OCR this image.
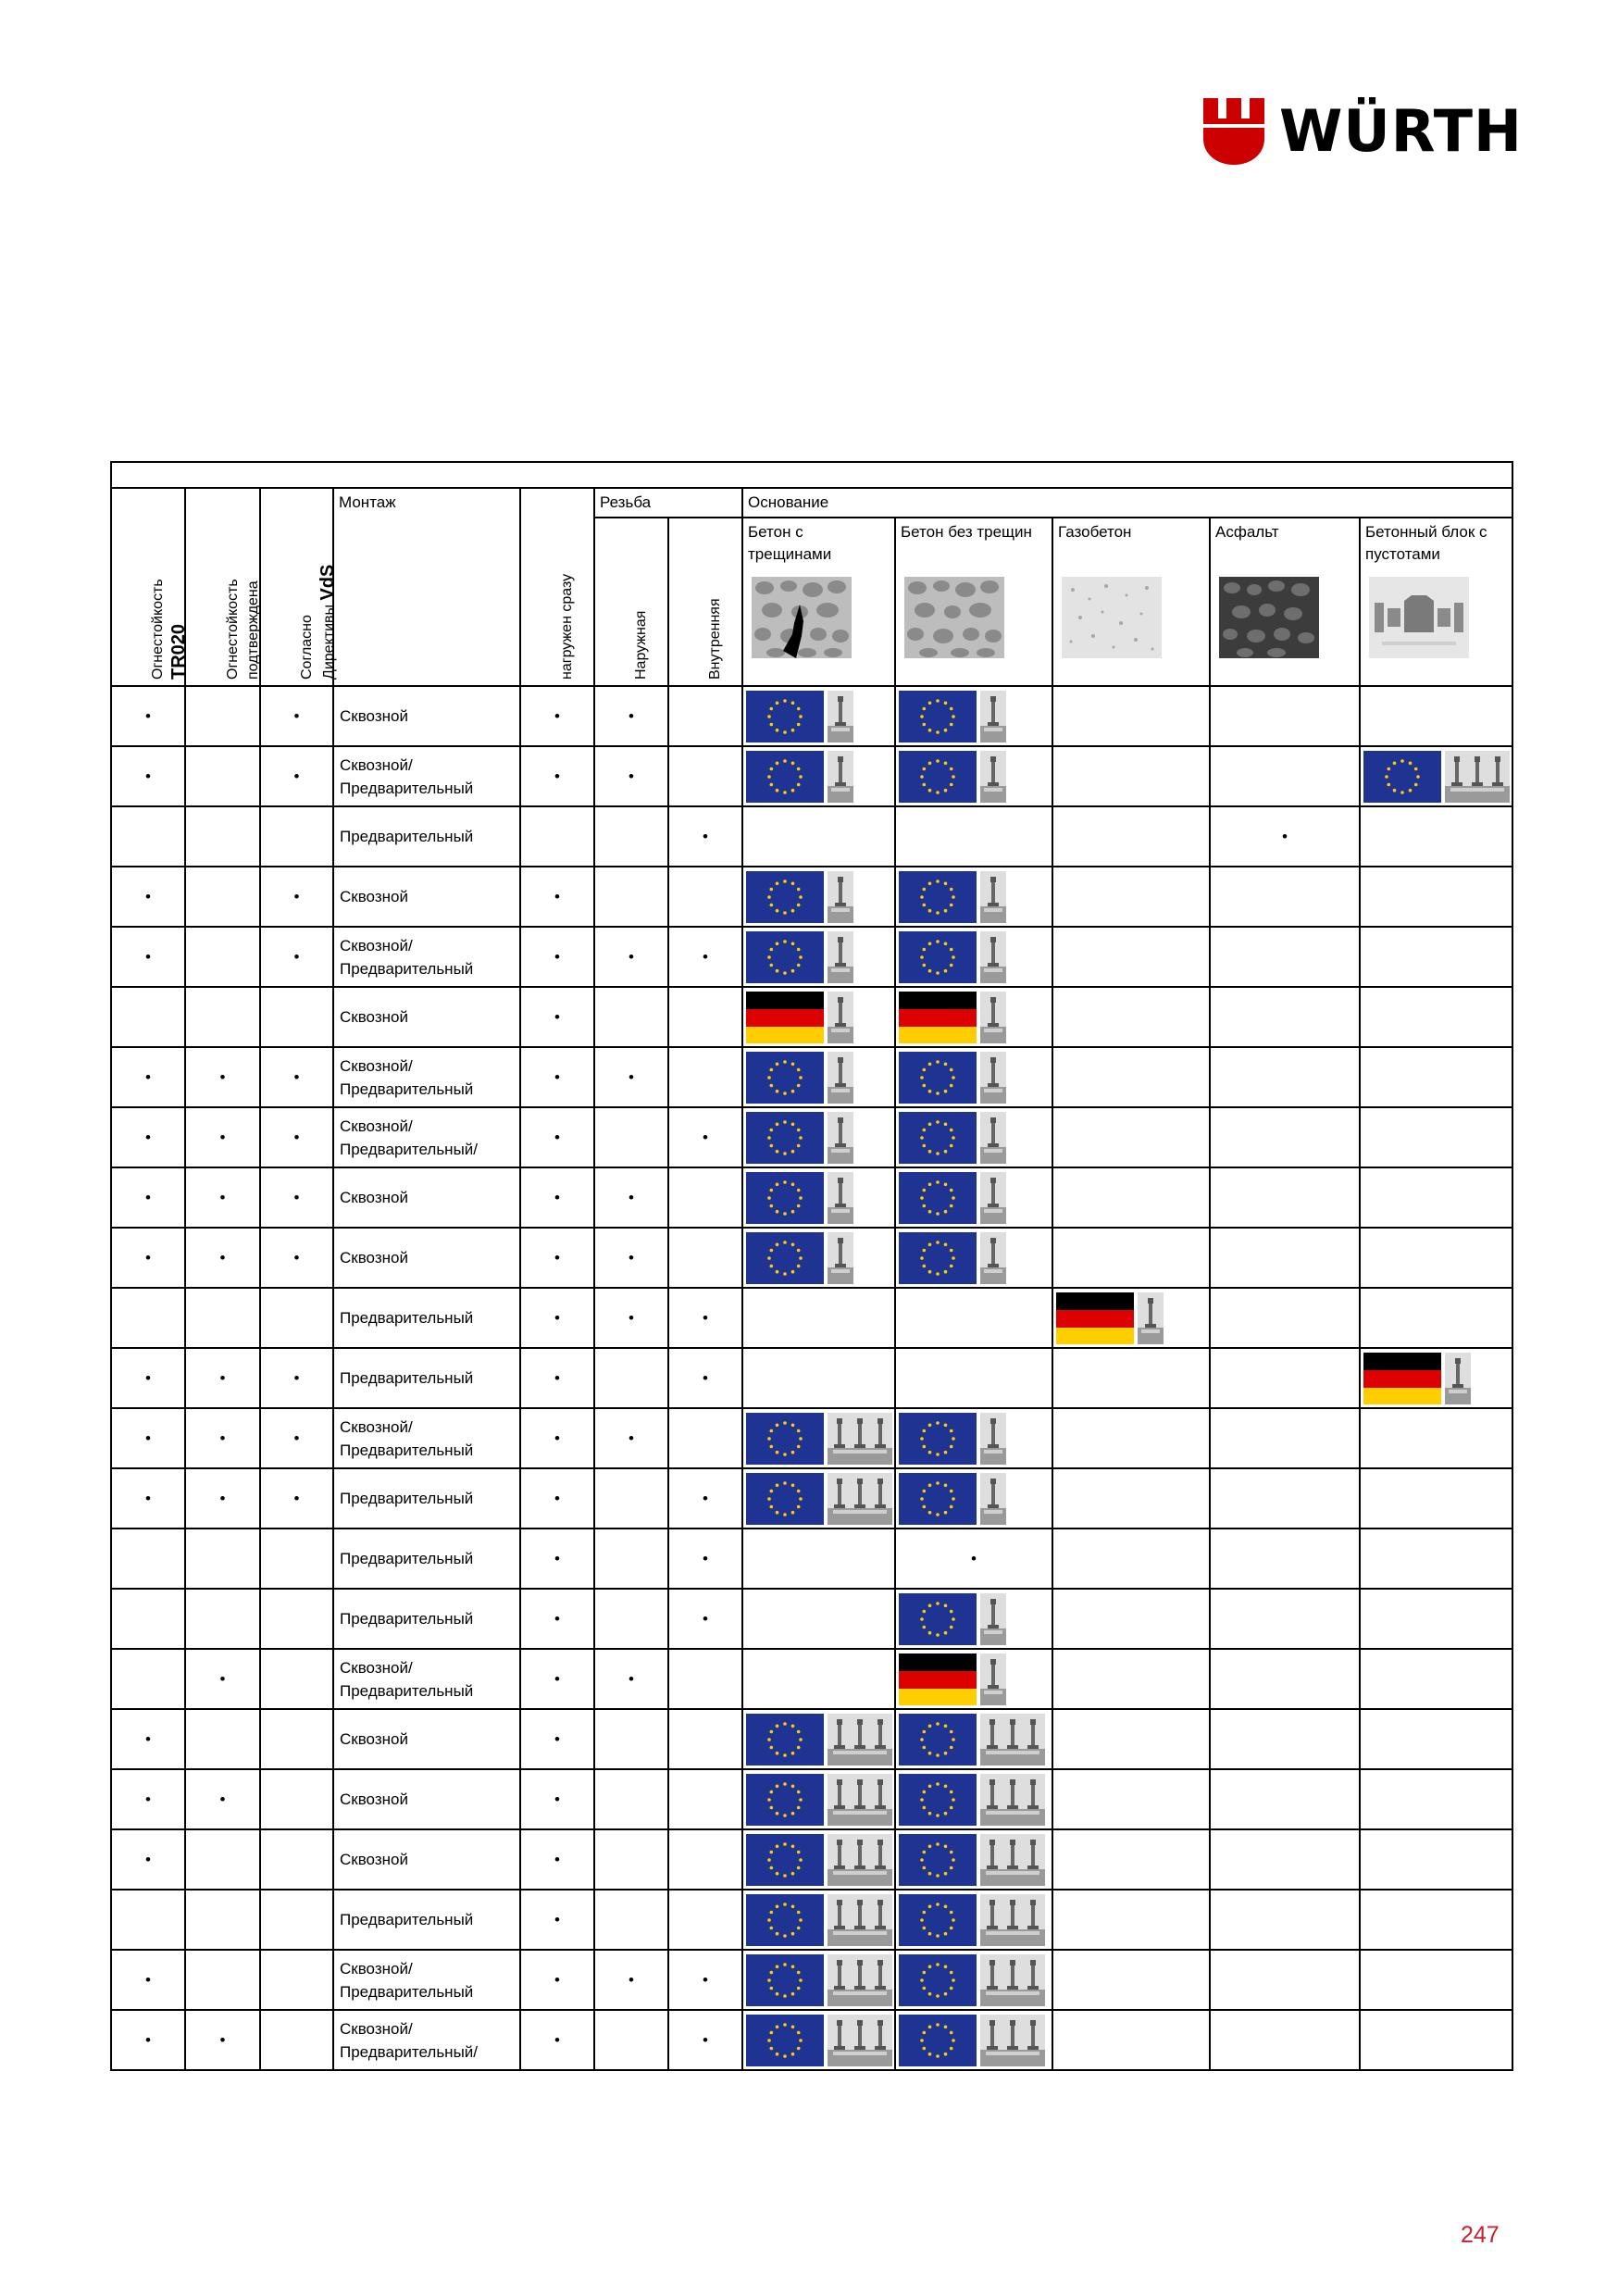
WÜRTH

Огнестойкость TR020	Огнестойкость подтверждена	Согласно Директивы VdS	Монтаж	нагружен сразу	Резьба		Основание				

					Наружная	Внутренняя	Бетон с трещинами	Бетон без трещин	Газобетон	Асфальт	Бетонный блок с пустотами

•		•	Сквозной	•	•		

•		•	Сквозной/ Предварительный	•	•		

			Предварительный			•				•	
•		•	Сквозной	•			

•		•	Сквозной/ Предварительный	•	•	•	

			Сквозной	•			

•	•	•	Сквозной/ Предварительный	•	•		

•	•	•	Сквозной/ Предварительный/	•		•	

•	•	•	Сквозной	•	•		

•	•	•	Сквозной	•	•		

			Предварительный	•	•	•			

•	•	•	Предварительный	•		•					

•	•	•	Сквозной/ Предварительный	•	•		

•	•	•	Предварительный	•		•	

			Предварительный	•		•		•			
			Предварительный	•		•		

	•		Сквозной/ Предварительный	•	•			

•			Сквозной	•			

•	•		Сквозной	•			

•			Сквозной	•			

			Предварительный	•			

•			Сквозной/ Предварительный	•	•	•	

•	•		Сквозной/ Предварительный/	•		•	

247
